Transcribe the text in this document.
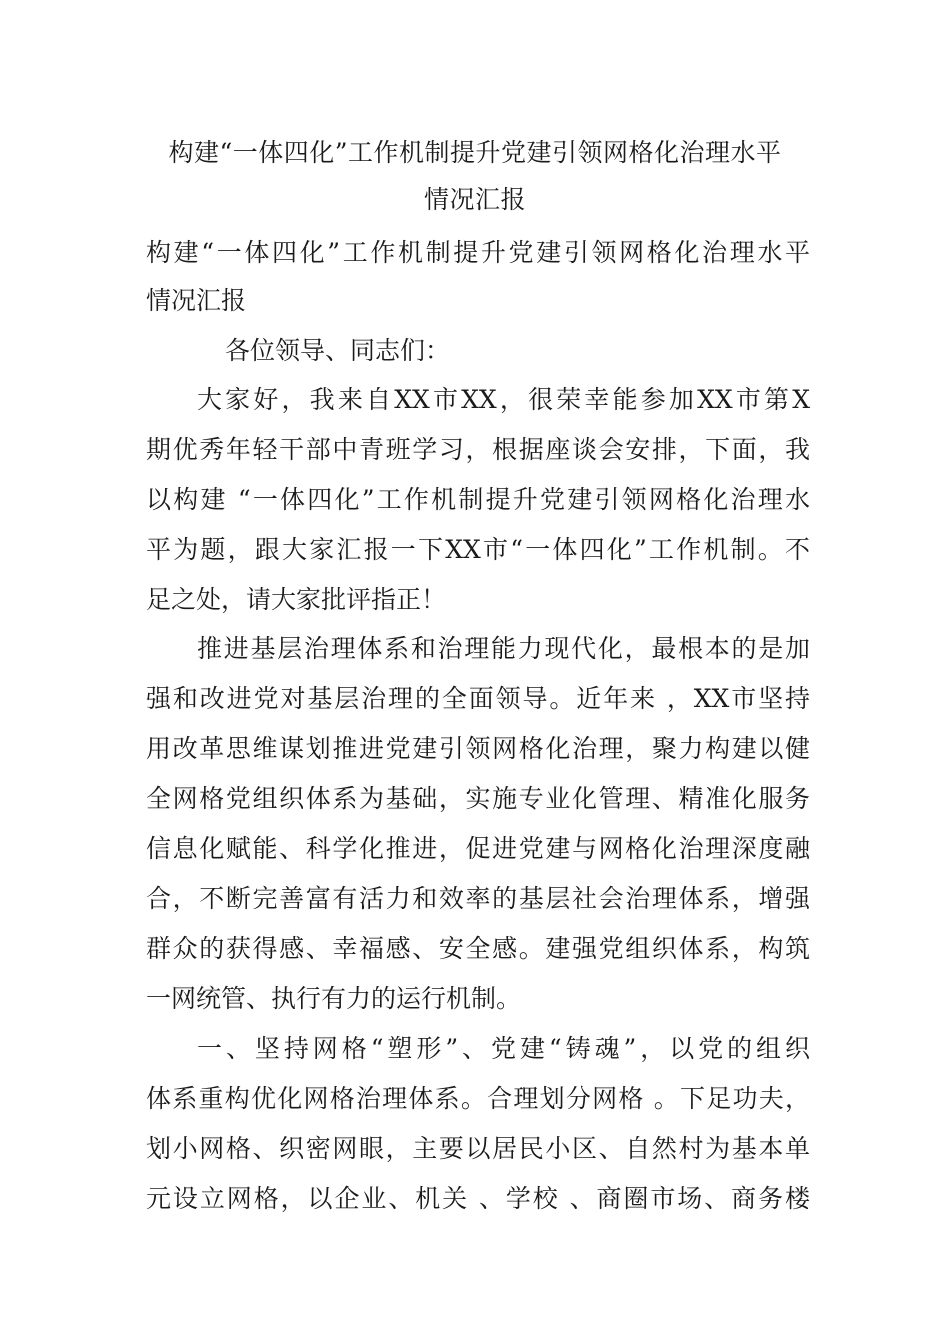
构建“一体四化”工作机制提升党建引领网格化治理水平
情况汇报
构建“一体四化”工作机制提升党建引领网格化治理水平
情况汇报
各位领导、同志们：
大家好，我来自XX市XX，很荣幸能参加XX市第X
期优秀年轻干部中青班学习，根据座谈会安排，下面，我
以构建 “一体四化”工作机制提升党建引领网格化治理水
平为题，跟大家汇报一下XX市“一体四化”工作机制。不
足之处，请大家批评指正！
推进基层治理体系和治理能力现代化，最根本的是加
强和改进党对基层治理的全面领导。近年来 ，XX市坚持
用改革思维谋划推进党建引领网格化治理，聚力构建以健
全网格党组织体系为基础，实施专业化管理、精准化服务
信息化赋能、科学化推进，促进党建与网格化治理深度融
合，不断完善富有活力和效率的基层社会治理体系，增强
群众的获得感、幸福感、安全感。建强党组织体系，构筑
一网统管、执行有力的运行机制。
一、坚持网格“塑形”、党建“铸魂”，以党的组织
体系重构优化网格治理体系。合理划分网格 。下足功夫，
划小网格、织密网眼，主要以居民小区、自然村为基本单
元设立网格，以企业、机关 、学校 、商圈市场、商务楼
